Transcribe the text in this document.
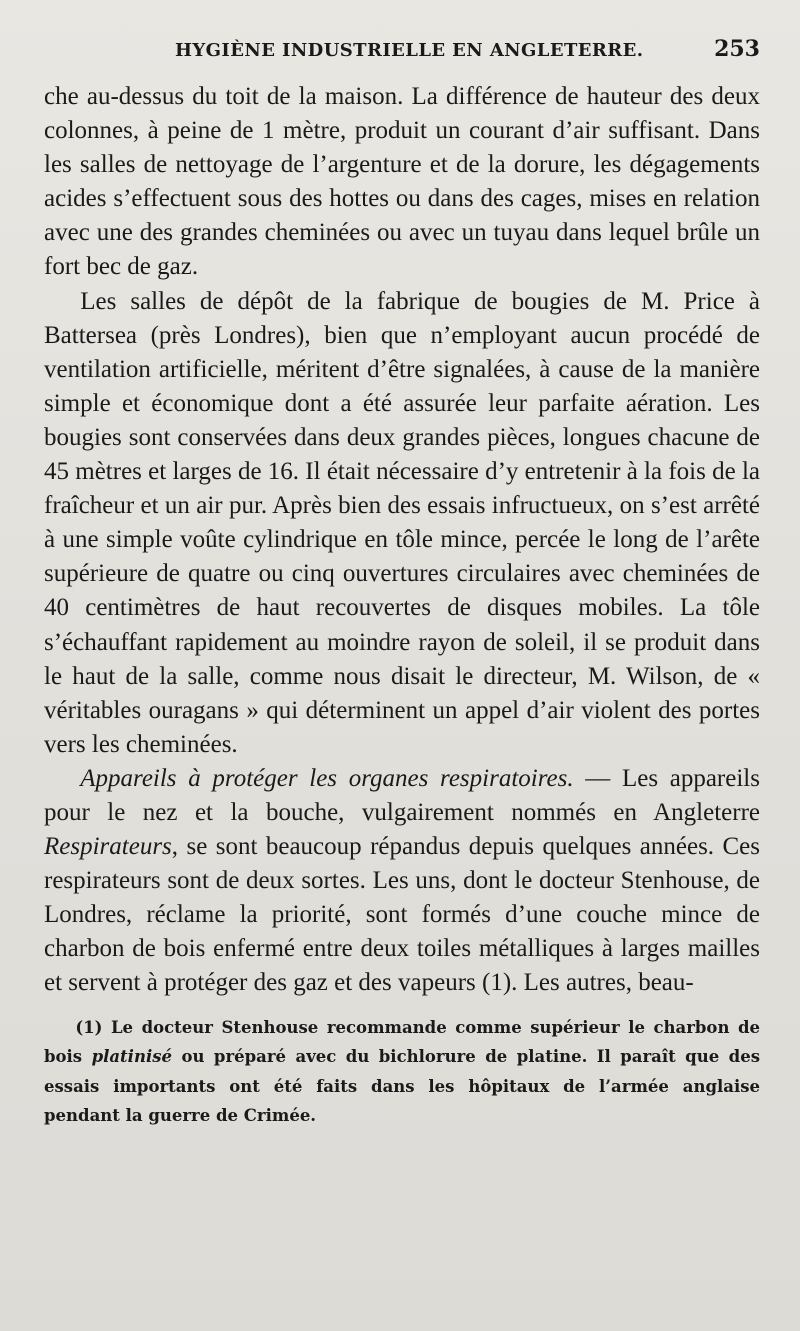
HYGIÈNE INDUSTRIELLE EN ANGLETERRE.	253

che au-dessus du toit de la maison. La différence de hauteur des deux colonnes, à peine de 1 mètre, produit un courant d’air suffisant. Dans les salles de nettoyage de l’argenture et de la dorure, les dégagements acides s’effectuent sous des hottes ou dans des cages, mises en relation avec une des grandes cheminées ou avec un tuyau dans lequel brûle un fort bec de gaz.

Les salles de dépôt de la fabrique de bougies de M. Price à Battersea (près Londres), bien que n’employant aucun procédé de ventilation artificielle, méritent d’être signalées, à cause de la manière simple et économique dont a été assurée leur parfaite aération. Les bougies sont conservées dans deux grandes pièces, longues chacune de 45 mètres et larges de 16. Il était nécessaire d’y entretenir à la fois de la fraîcheur et un air pur. Après bien des essais infructueux, on s’est arrêté à une simple voûte cylindrique en tôle mince, percée le long de l’arête supérieure de quatre ou cinq ouvertures circulaires avec cheminées de 40 centimètres de haut recouvertes de disques mobiles. La tôle s’échauffant rapidement au moindre rayon de soleil, il se produit dans le haut de la salle, comme nous disait le directeur, M. Wilson, de « véritables ouragans » qui déterminent un appel d’air violent des portes vers les cheminées.

Appareils à protéger les organes respiratoires. — Les appareils pour le nez et la bouche, vulgairement nommés en Angleterre Respirateurs, se sont beaucoup répandus depuis quelques années. Ces respirateurs sont de deux sortes. Les uns, dont le docteur Stenhouse, de Londres, réclame la priorité, sont formés d’une couche mince de charbon de bois enfermé entre deux toiles métalliques à larges mailles et servent à protéger des gaz et des vapeurs (1). Les autres, beau-

(1) Le docteur Stenhouse recommande comme supérieur le charbon de bois platinisé ou préparé avec du bichlorure de platine. Il paraît que des essais importants ont été faits dans les hôpitaux de l’armée anglaise pendant la guerre de Crimée.
